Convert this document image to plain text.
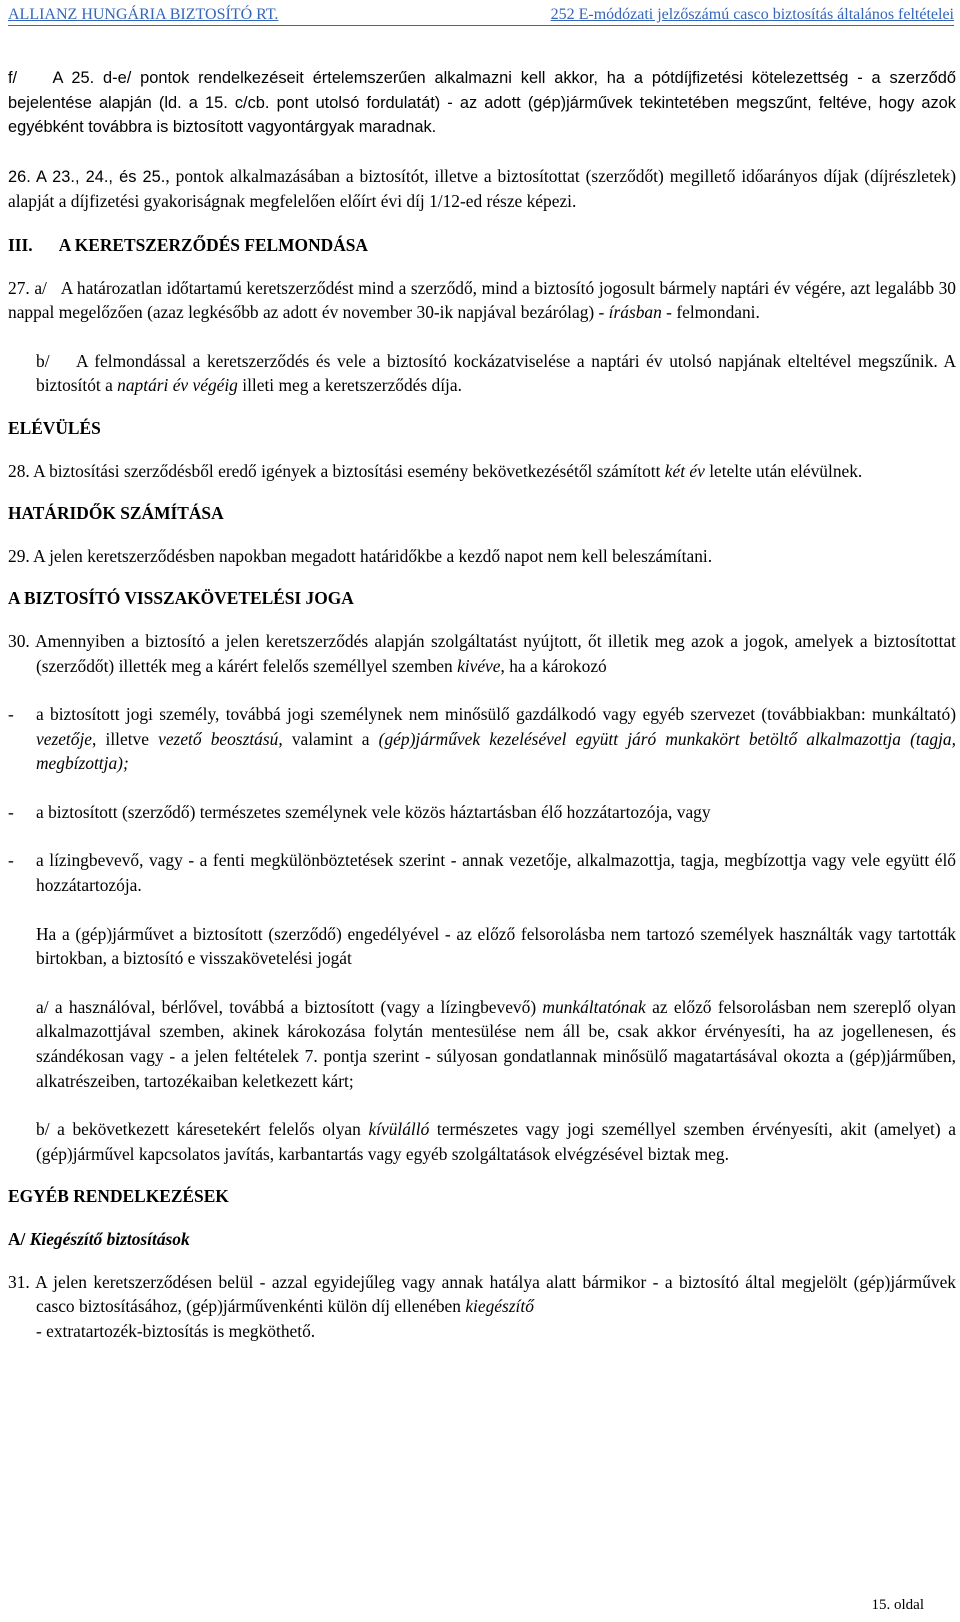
ALLIANZ HUNGÁRIA BIZTOSÍTÓ RT.	252 E-módózati jelzőszámú casco biztosítás általános feltételei

f/ A 25. d-e/ pontok rendelkezéseit értelemszerűen alkalmazni kell akkor, ha a pótdíjfizetési kötelezettség - a szerződő bejelentése alapján (ld. a 15. c/cb. pont utolsó fordulatát) - az adott (gép)járművek tekintetében megszűnt, feltéve, hogy azok egyébként továbbra is biztosított vagyontárgyak maradnak.

26. A 23., 24., és 25., pontok alkalmazásában a biztosítót, illetve a biztosítottat (szerződőt) megillető időarányos díjak (díjrészletek) alapját a díjfizetési gyakoriságnak megfelelően előírt évi díj 1/12-ed része képezi.

III. A KERETSZERZŐDÉS FELMONDÁSA

27. a/ A határozatlan időtartamú keretszerződést mind a szerződő, mind a biztosító jogosult bármely naptári év végére, azt legalább 30 nappal megelőzően (azaz legkésőbb az adott év november 30-ik napjával bezárólag) - írásban - felmondani.

b/ A felmondással a keretszerződés és vele a biztosító kockázatviselése a naptári év utolsó napjának elteltével megszűnik. A biztosítót a naptári év végéig illeti meg a keretszerződés díja.

ELÉVÜLÉS

28. A biztosítási szerződésből eredő igények a biztosítási esemény bekövetkezésétől számított két év letelte után elévülnek.

HATÁRIDŐK SZÁMÍTÁSA

29. A jelen keretszerződésben napokban megadott határidőkbe a kezdő napot nem kell beleszámítani.

A BIZTOSÍTÓ VISSZAKÖVETELÉSI JOGA

30. Amennyiben a biztosító a jelen keretszerződés alapján szolgáltatást nyújtott, őt illetik meg azok a jogok, amelyek a biztosítottat (szerződőt) illették meg a kárért felelős személlyel szemben kivéve, ha a károkozó

-	a biztosított jogi személy, továbbá jogi személynek nem minősülő gazdálkodó vagy egyéb szervezet (továbbiakban: munkáltató) vezetője, illetve vezető beosztású, valamint a (gép)járművek kezelésével együtt járó munkakört betöltő alkalmazottja (tagja, megbízottja);
-	a biztosított (szerződő) természetes személynek vele közös háztartásban élő hozzátartozója, vagy
-	a lízingbevevő, vagy - a fenti megkülönböztetések szerint - annak vezetője, alkalmazottja, tagja, megbízottja vagy vele együtt élő hozzátartozója.

Ha a (gép)járművet a biztosított (szerződő) engedélyével - az előző felsorolásba nem tartozó személyek használták vagy tartották birtokban, a biztosító e visszakövetelési jogát

a/ a használóval, bérlővel, továbbá a biztosított (vagy a lízingbevevő) munkáltatónak az előző felsorolásban nem szereplő olyan alkalmazottjával szemben, akinek károkozása folytán mentesülése nem áll be, csak akkor érvényesíti, ha az jogellenesen, és szándékosan vagy - a jelen feltételek 7. pontja szerint - súlyosan gondatlannak minősülő magatartásával okozta a (gép)járműben, alkatrészeiben, tartozékaiban keletkezett kárt;

b/ a bekövetkezett káresetekért felelős olyan kívülálló természetes vagy jogi személlyel szemben érvényesíti, akit (amelyet) a (gép)járművel kapcsolatos javítás, karbantartás vagy egyéb szolgáltatások elvégzésével biztak meg.

EGYÉB RENDELKEZÉSEK

A/ Kiegészítő biztosítások

31. A jelen keretszerződésen belül - azzal egyidejűleg vagy annak hatálya alatt bármikor - a biztosító által megjelölt (gép)járművek casco biztosításához, (gép)járművenkénti külön díj ellenében kiegészítő
- extratartozék-biztosítás is megköthető.

15. oldal
